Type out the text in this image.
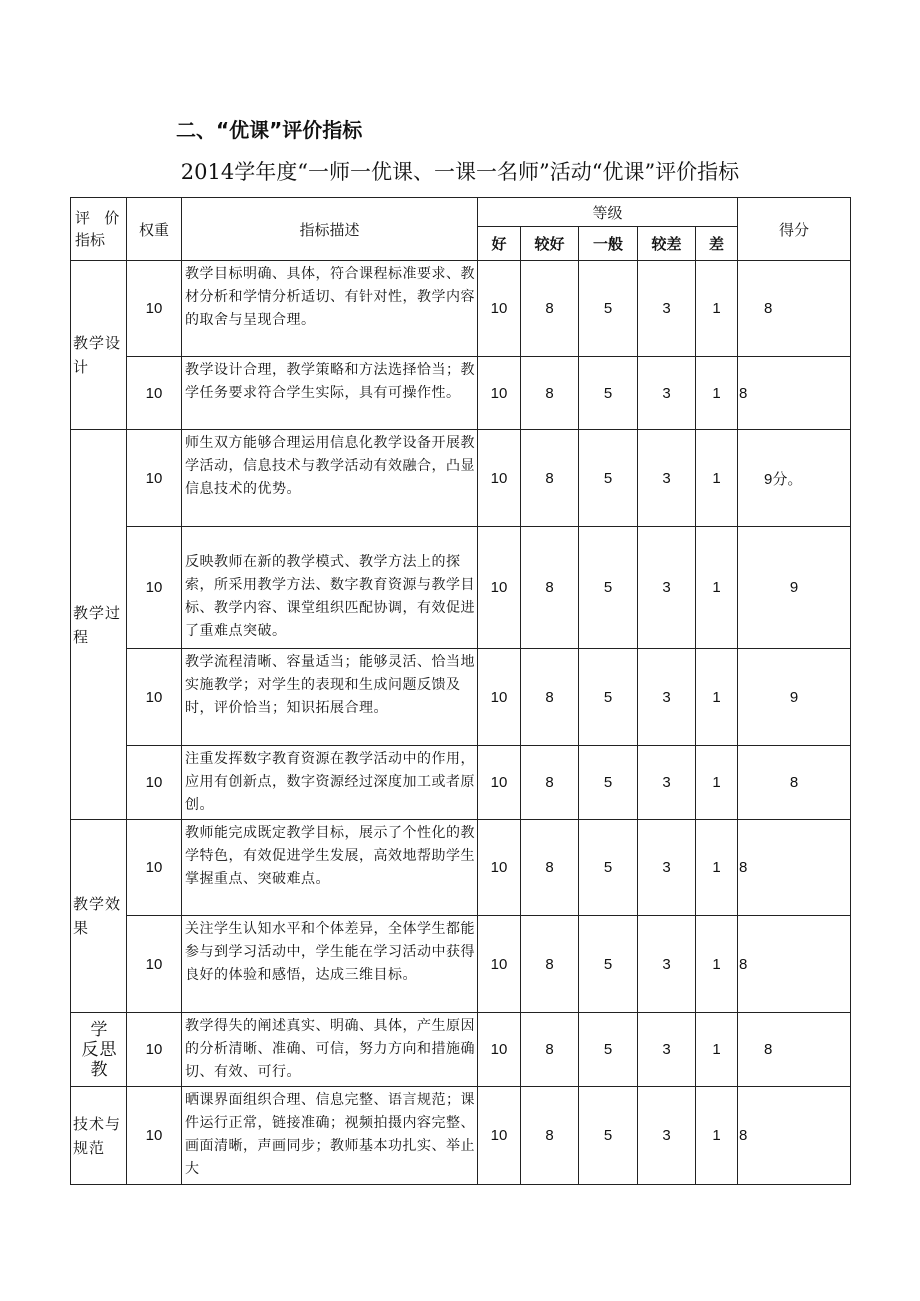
二、“优课”评价指标
2014学年度“一师一优课、一课一名师”活动“优课”评价指标
评   价
指标	权重	指标描述	等级					得分
			好	较好	一般	较差	差	
教学设
计	10	教学目标明确、具体，符合课程标准要求、教材分析和学情分析适切、有针对性，教学内容的取舍与呈现合理。	10	8	5	3	1	8
	10	教学设计合理，教学策略和方法选择恰当；教学任务要求符合学生实际，具有可操作性。	10	8	5	3	1	8
教学过
程	10	师生双方能够合理运用信息化教学设备开展教学活动，信息技术与教学活动有效融合，凸显信息技术的优势。	10	8	5	3	1	9分。
	10	反映教师在新的教学模式、教学方法上的探索，所采用教学方法、数字教育资源与教学目标、教学内容、课堂组织匹配协调，有效促进了重难点突破。	10	8	5	3	1	9
	10	教学流程清晰、容量适当；能够灵活、恰当地实施教学；对学生的表现和生成问题反馈及时，评价恰当；知识拓展合理。	10	8	5	3	1	9
	10	注重发挥数字教育资源在教学活动中的作用，应用有创新点，数字资源经过深度加工或者原创。	10	8	5	3	1	8
教学效
果	10	教师能完成既定教学目标，展示了个性化的教学特色，有效促进学生发展，高效地帮助学生掌握重点、突破难点。	10	8	5	3	1	8
	10	关注学生认知水平和个体差异，全体学生都能参与到学习活动中，学生能在学习活动中获得良好的体验和感悟，达成三维目标。	10	8	5	3	1	8
学
反思
教	10	教学得失的阐述真实、明确、具体，产生原因的分析清晰、准确、可信，努力方向和措施确切、有效、可行。	10	8	5	3	1	8
技术与
规范	10	晒课界面组织合理、信息完整、语言规范；课件运行正常，链接准确；视频拍摄内容完整、画面清晰，声画同步；教师基本功扎实、举止大	10	8	5	3	1	8
